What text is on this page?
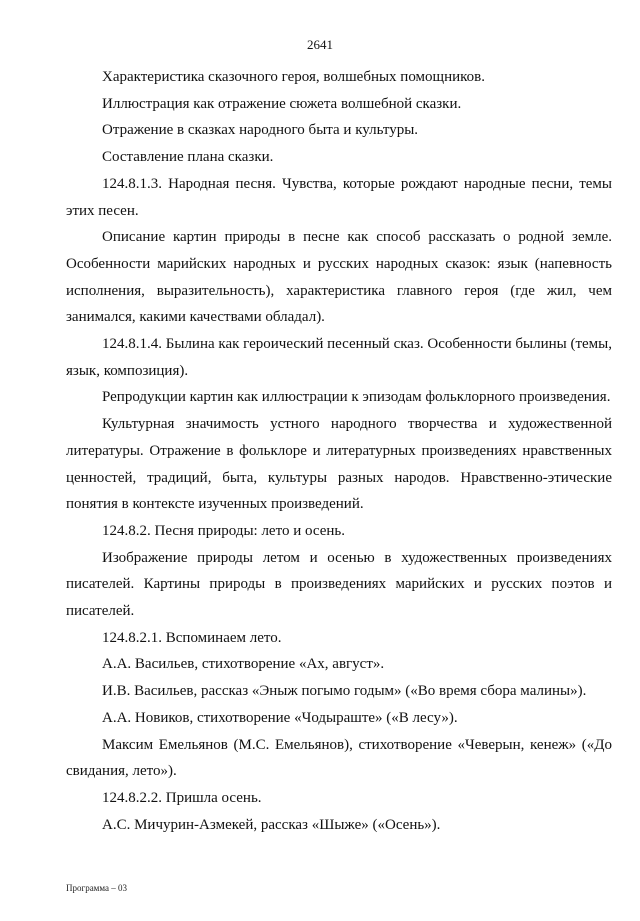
2641

Характеристика сказочного героя, волшебных помощников.

Иллюстрация как отражение сюжета волшебной сказки.

Отражение в сказках народного быта и культуры.

Составление плана сказки.

124.8.1.3. Народная песня. Чувства, которые рождают народные песни, темы этих песен.

Описание картин природы в песне как способ рассказать о родной земле. Особенности марийских народных и русских народных сказок: язык (напевность исполнения, выразительность), характеристика главного героя (где жил, чем занимался, какими качествами обладал).

124.8.1.4. Былина как героический песенный сказ. Особенности былины (темы, язык, композиция).

Репродукции картин как иллюстрации к эпизодам фольклорного произведения.

Культурная значимость устного народного творчества и художественной литературы. Отражение в фольклоре и литературных произведениях нравственных ценностей, традиций, быта, культуры разных народов. Нравственно-этические понятия в контексте изученных произведений.

124.8.2. Песня природы: лето и осень.

Изображение природы летом и осенью в художественных произведениях писателей. Картины природы в произведениях марийских и русских поэтов и писателей.

124.8.2.1. Вспоминаем лето.

А.А. Васильев, стихотворение «Ах, август».

И.В. Васильев, рассказ «Эныж погымо годым» («Во время сбора малины»).

А.А. Новиков, стихотворение «Чодыраште» («В лесу»).

Максим Емельянов (М.С. Емельянов), стихотворение «Чеверын, кенеж» («До свидания, лето»).

124.8.2.2. Пришла осень.

А.С. Мичурин-Азмекей, рассказ «Шыже» («Осень»).

Программа – 03
